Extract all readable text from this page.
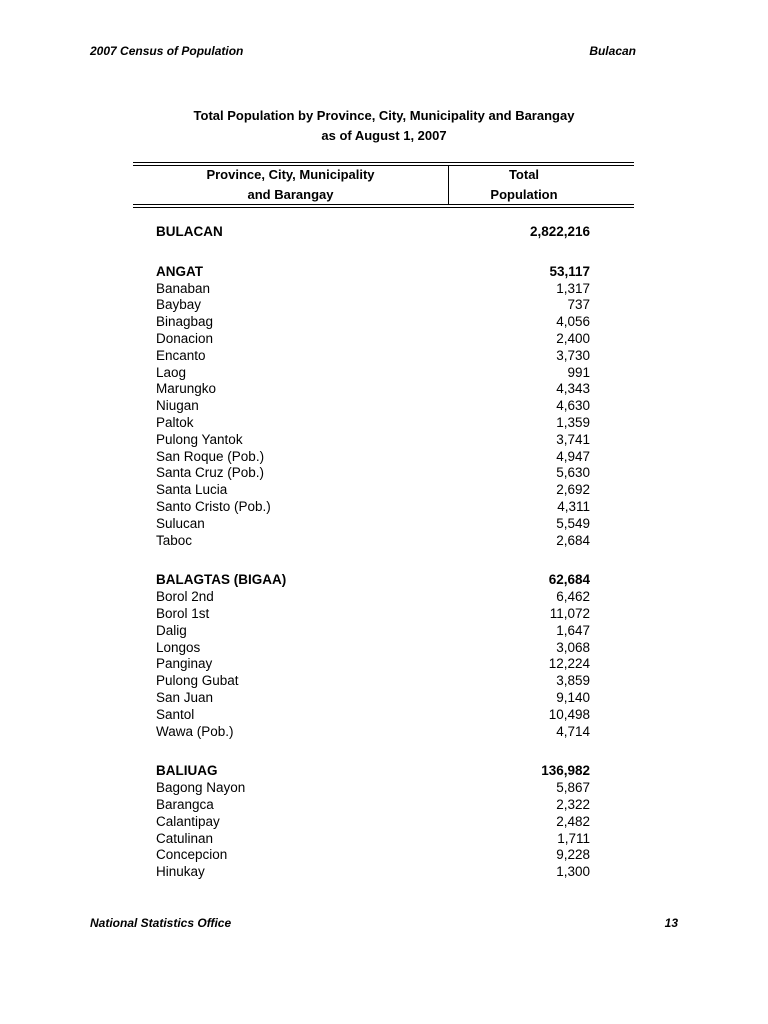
2007 Census of Population	Bulacan
Total Population by Province, City, Municipality and Barangay
as of August 1, 2007
Province, City, Municipality
and Barangay
Total
Population
BULACAN	2,822,216
ANGAT	53,117
Banaban	1,317
Baybay	737
Binagbag	4,056
Donacion	2,400
Encanto	3,730
Laog	991
Marungko	4,343
Niugan	4,630
Paltok	1,359
Pulong Yantok	3,741
San Roque (Pob.)	4,947
Santa Cruz (Pob.)	5,630
Santa Lucia	2,692
Santo Cristo (Pob.)	4,311
Sulucan	5,549
Taboc	2,684
BALAGTAS (BIGAA)	62,684
Borol 2nd	6,462
Borol 1st	11,072
Dalig	1,647
Longos	3,068
Panginay	12,224
Pulong Gubat	3,859
San Juan	9,140
Santol	10,498
Wawa (Pob.)	4,714
BALIUAG	136,982
Bagong Nayon	5,867
Barangca	2,322
Calantipay	2,482
Catulinan	1,711
Concepcion	9,228
Hinukay	1,300
National Statistics Office	13
